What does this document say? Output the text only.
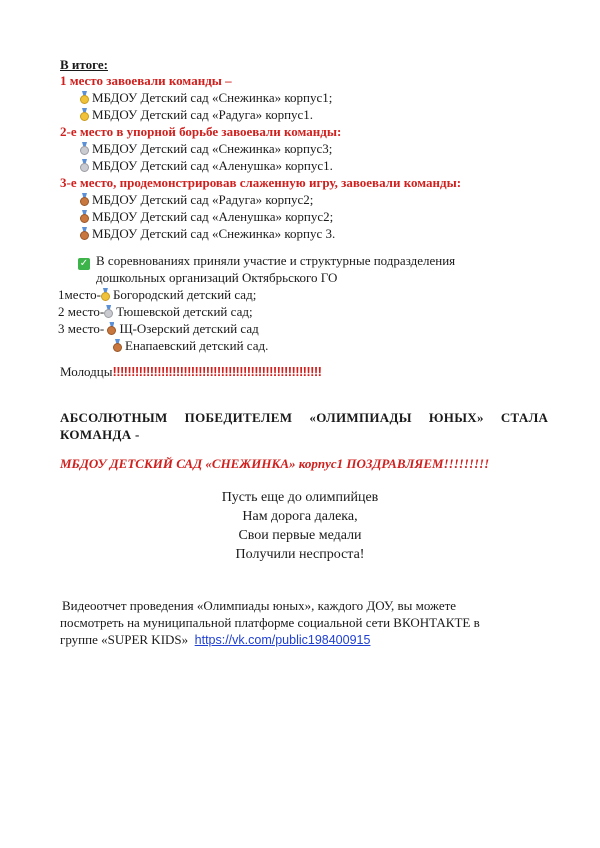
В итоге:
1 место завоевали команды –
МБДОУ Детский сад «Снежинка» корпус1;
МБДОУ Детский сад «Радуга» корпус1.
2-е место в упорной борьбе завоевали команды:
МБДОУ Детский сад «Снежинка» корпус3;
МБДОУ Детский сад «Аленушка» корпус1.
3-е место, продемонстрировав слаженную игру, завоевали команды:
МБДОУ Детский сад «Радуга» корпус2;
МБДОУ Детский сад «Аленушка» корпус2;
МБДОУ Детский сад «Снежинка» корпус 3.
✓ В соревнованиях приняли участие и структурные подразделения
дошкольных организаций Октябрьского ГО
1место- Богородский детский сад;
2 место- Тюшевской детский сад;
3 место- Щ-Озерский детский сад
Енапаевский детский сад.
Молодцы!!!!!!!!!!!!!!!!!!!!!!!!!!!!!!!!!!!!!!!!!!!!!!!!!!!!!!!!
АБСОЛЮТНЫМ  ПОБЕДИТЕЛЕМ  «ОЛИМПИАДЫ  ЮНЫХ»  СТАЛА
КОМАНДА -
МБДОУ ДЕТСКИЙ САД «СНЕЖИНКА» корпус1 ПОЗДРАВЛЯЕМ!!!!!!!!!
Пусть еще до олимпийцев
Нам дорога далека,
Свои первые медали
Получили неспроста!
Видеоотчет проведения «Олимпиады юных», каждого ДОУ, вы можете
посмотреть на муниципальной платформе социальной сети ВКОНТАКТЕ в
группе «SUPER KIDS» https://vk.com/public198400915
